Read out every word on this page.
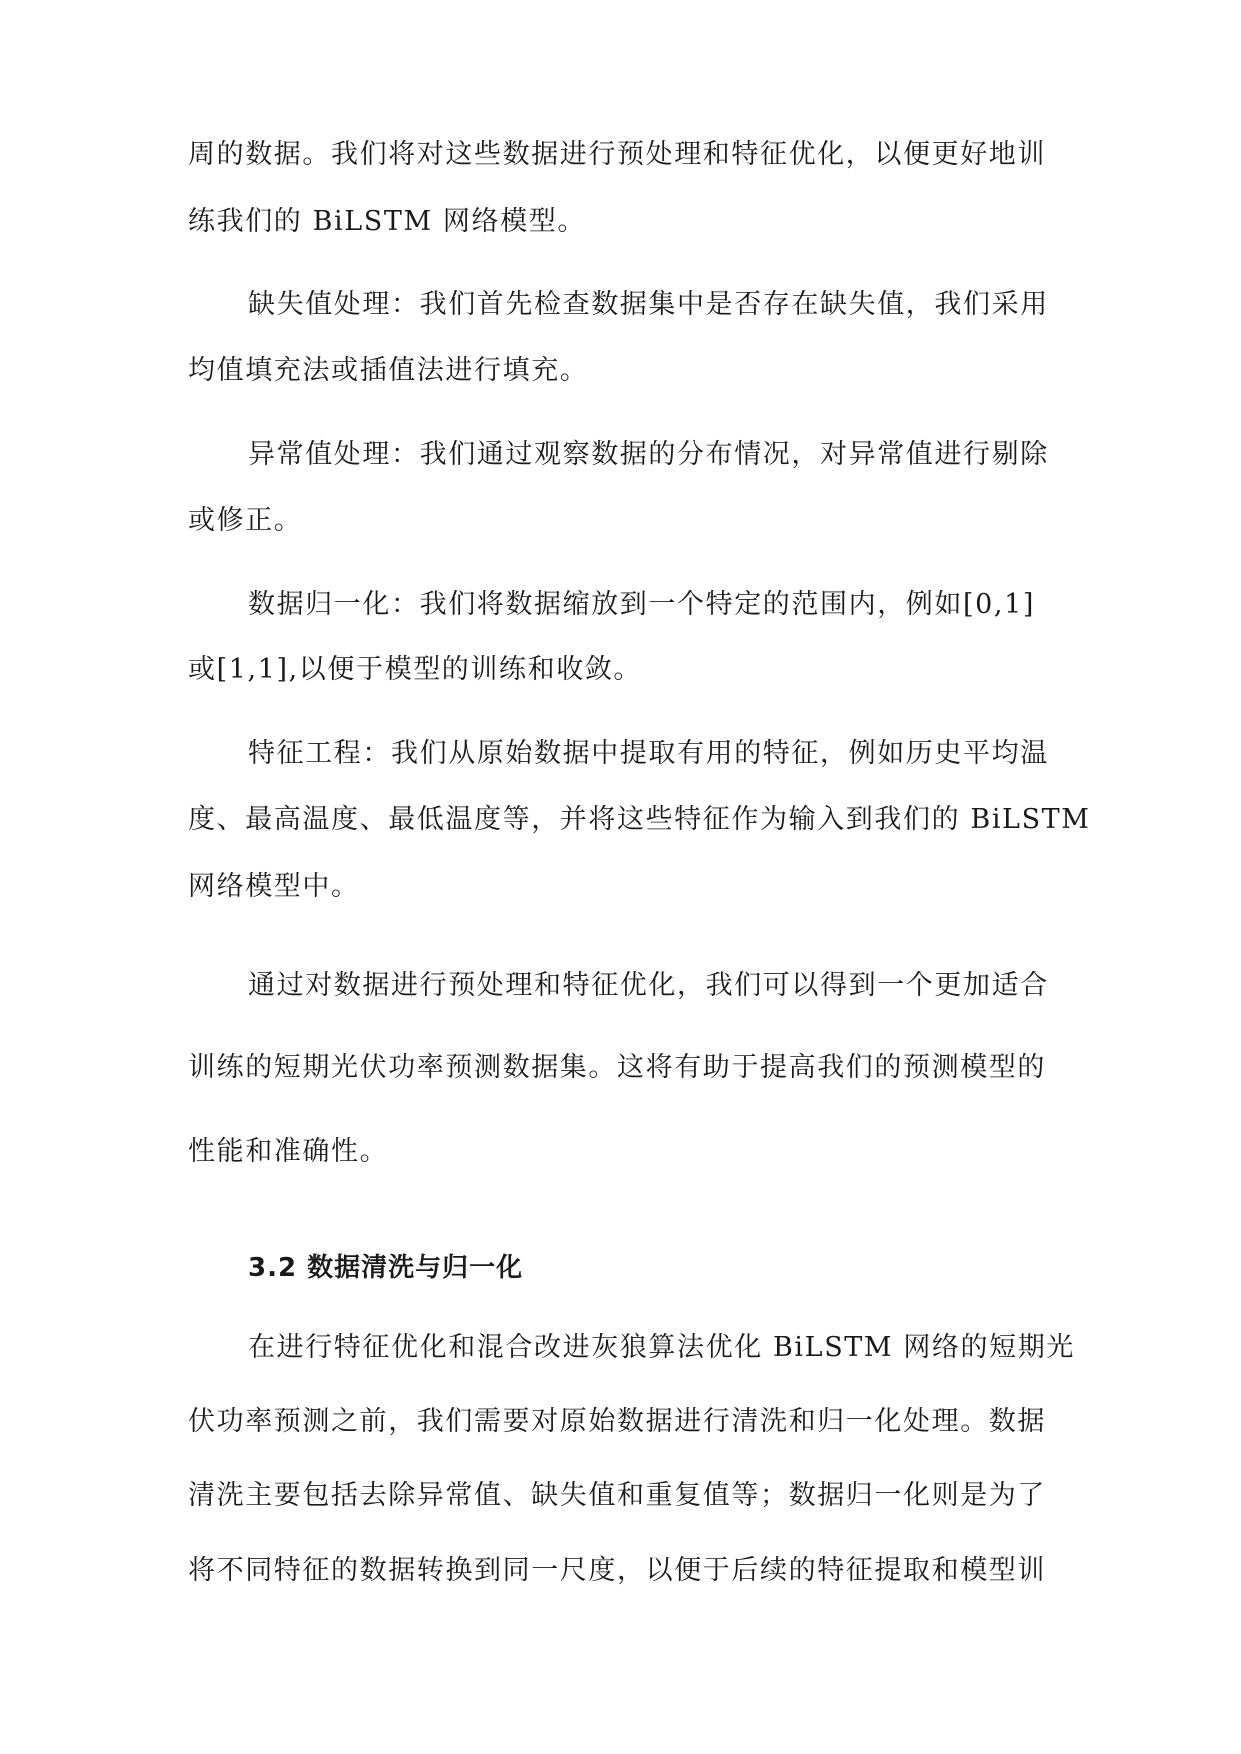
周的数据。我们将对这些数据进行预处理和特征优化，以便更好地训
练我们的 BiLSTM 网络模型。
缺失值处理：我们首先检查数据集中是否存在缺失值，我们采用
均值填充法或插值法进行填充。
异常值处理：我们通过观察数据的分布情况，对异常值进行剔除
或修正。
数据归一化：我们将数据缩放到一个特定的范围内，例如[0,1]
或[1,1],以便于模型的训练和收敛。
特征工程：我们从原始数据中提取有用的特征，例如历史平均温
度、最高温度、最低温度等，并将这些特征作为输入到我们的 BiLSTM
网络模型中。
通过对数据进行预处理和特征优化，我们可以得到一个更加适合
训练的短期光伏功率预测数据集。这将有助于提高我们的预测模型的
性能和准确性。
3.2 数据清洗与归一化
在进行特征优化和混合改进灰狼算法优化 BiLSTM 网络的短期光
伏功率预测之前，我们需要对原始数据进行清洗和归一化处理。数据
清洗主要包括去除异常值、缺失值和重复值等；数据归一化则是为了
将不同特征的数据转换到同一尺度，以便于后续的特征提取和模型训
